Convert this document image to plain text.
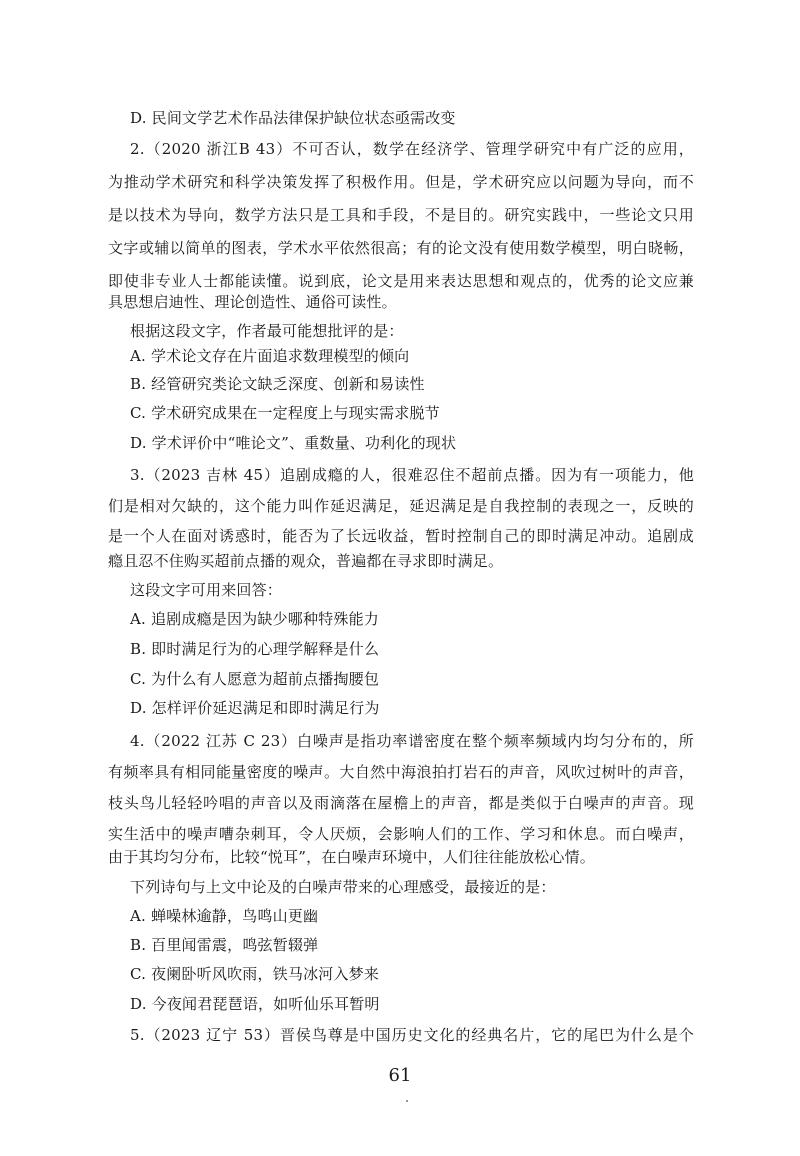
D. 民间文学艺术作品法律保护缺位状态亟需改变
2.（2020 浙江B 43）不可否认，数学在经济学、管理学研究中有广泛的应用，
为推动学术研究和科学决策发挥了积极作用。但是，学术研究应以问题为导向，而不
是以技术为导向，数学方法只是工具和手段，不是目的。研究实践中，一些论文只用
文字或辅以简单的图表，学术水平依然很高；有的论文没有使用数学模型，明白晓畅，
即使非专业人士都能读懂。说到底，论文是用来表达思想和观点的，优秀的论文应兼
具思想启迪性、理论创造性、通俗可读性。
根据这段文字，作者最可能想批评的是：
A. 学术论文存在片面追求数理模型的倾向
B. 经管研究类论文缺乏深度、创新和易读性
C. 学术研究成果在一定程度上与现实需求脱节
D. 学术评价中“唯论文”、重数量、功利化的现状
3.（2023 吉林 45）追剧成瘾的人，很难忍住不超前点播。因为有一项能力，他
们是相对欠缺的，这个能力叫作延迟满足，延迟满足是自我控制的表现之一，反映的
是一个人在面对诱惑时，能否为了长远收益，暂时控制自己的即时满足冲动。追剧成
瘾且忍不住购买超前点播的观众，普遍都在寻求即时满足。
这段文字可用来回答：
A. 追剧成瘾是因为缺少哪种特殊能力
B. 即时满足行为的心理学解释是什么
C. 为什么有人愿意为超前点播掏腰包
D. 怎样评价延迟满足和即时满足行为
4.（2022 江苏 C 23）白噪声是指功率谱密度在整个频率频域内均匀分布的，所
有频率具有相同能量密度的噪声。大自然中海浪拍打岩石的声音，风吹过树叶的声音，
枝头鸟儿轻轻吟唱的声音以及雨滴落在屋檐上的声音，都是类似于白噪声的声音。现
实生活中的噪声嘈杂刺耳，令人厌烦，会影响人们的工作、学习和休息。而白噪声，
由于其均匀分布，比较“悦耳”，在白噪声环境中，人们往往能放松心情。
下列诗句与上文中论及的白噪声带来的心理感受，最接近的是：
A. 蝉噪林逾静，鸟鸣山更幽
B. 百里闻雷震，鸣弦暂辍弹
C. 夜阑卧听风吹雨，铁马冰河入梦来
D. 今夜闻君琵琶语，如听仙乐耳暂明
5.（2023 辽宁 53）晋侯鸟尊是中国历史文化的经典名片，它的尾巴为什么是个
61
